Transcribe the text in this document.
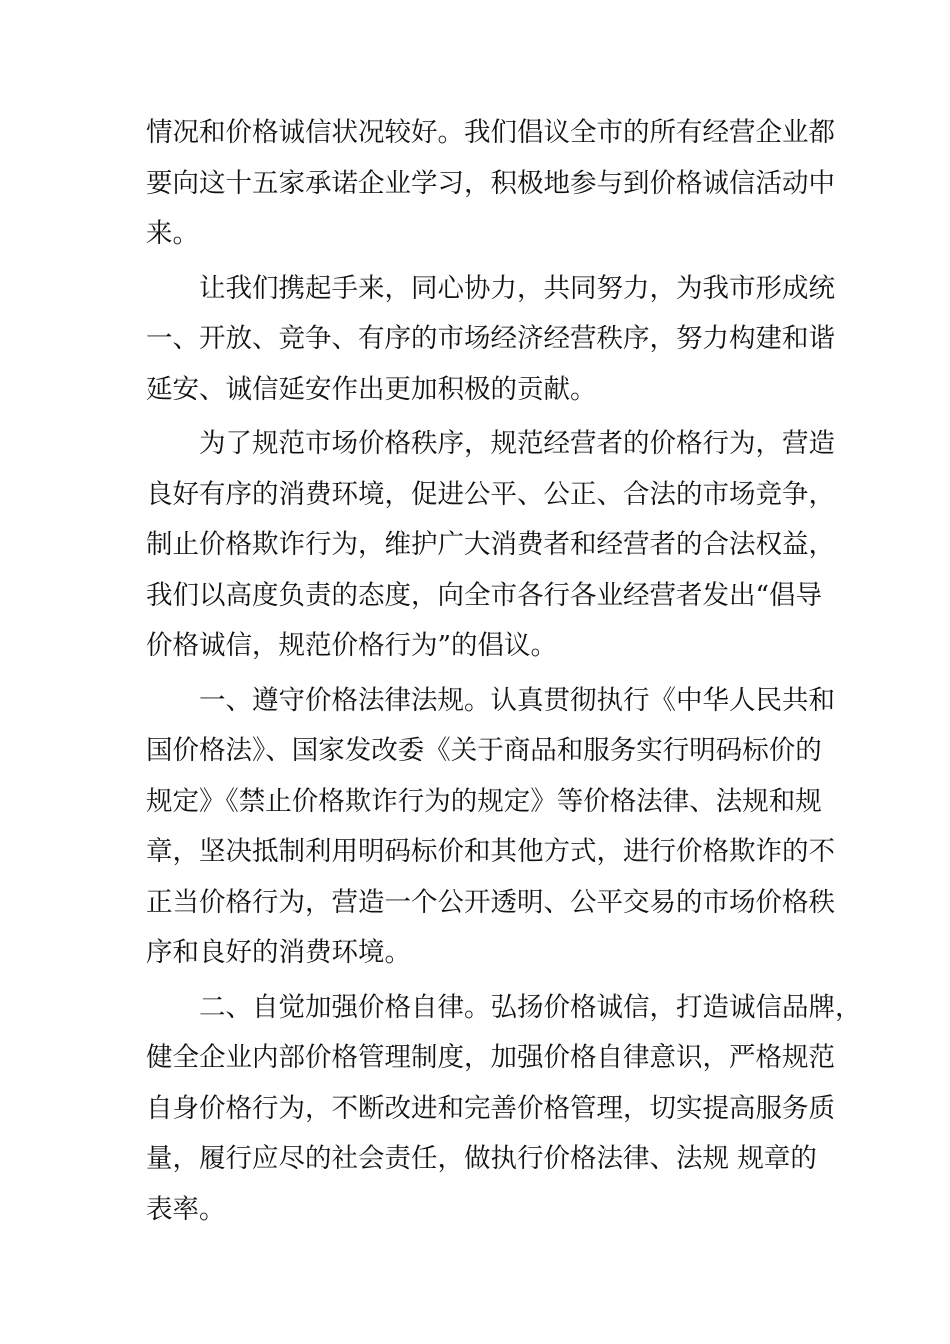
情况和价格诚信状况较好。我们倡议全市的所有经营企业都
要向这十五家承诺企业学习，积极地参与到价格诚信活动中
来。
让我们携起手来，同心协力，共同努力，为我市形成统
一、开放、竞争、有序的市场经济经营秩序，努力构建和谐
延安、诚信延安作出更加积极的贡献。
为了规范市场价格秩序，规范经营者的价格行为，营造
良好有序的消费环境，促进公平、公正、合法的市场竞争，
制止价格欺诈行为，维护广大消费者和经营者的合法权益，
我们以高度负责的态度，向全市各行各业经营者发出“倡导
价格诚信，规范价格行为”的倡议。
一、遵守价格法律法规。认真贯彻执行《中华人民共和
国价格法》、国家发改委《关于商品和服务实行明码标价的
规定》《禁止价格欺诈行为的规定》等价格法律、法规和规
章，坚决抵制利用明码标价和其他方式，进行价格欺诈的不
正当价格行为，营造一个公开透明、公平交易的市场价格秩
序和良好的消费环境。
二、自觉加强价格自律。弘扬价格诚信，打造诚信品牌，
健全企业内部价格管理制度，加强价格自律意识，严格规范
自身价格行为，不断改进和完善价格管理，切实提高服务质
量，履行应尽的社会责任，做执行价格法律、法规 规章的
表率。
